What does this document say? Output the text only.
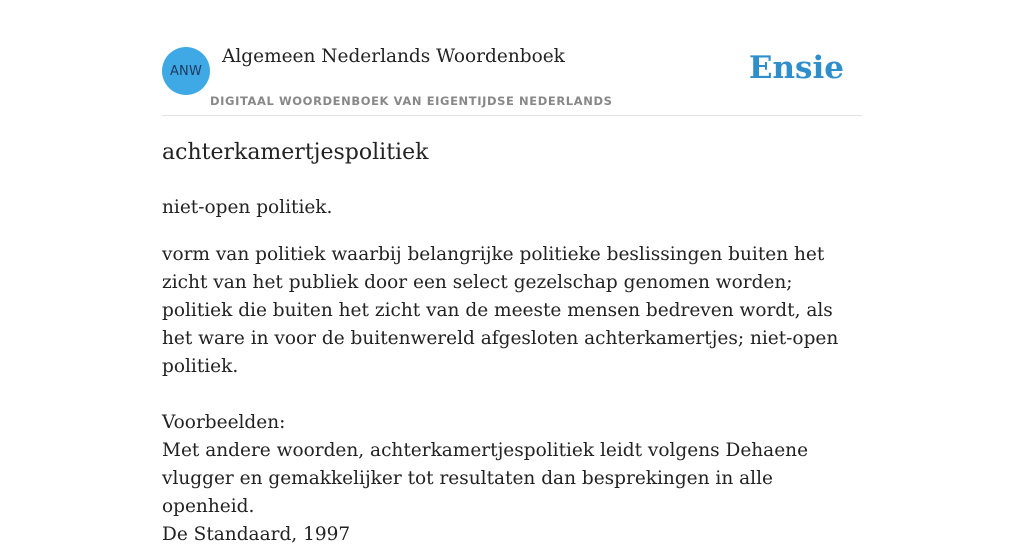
ANW
Algemeen Nederlands Woordenboek
DIGITAAL WOORDENBOEK VAN EIGENTIJDSE NEDERLANDS
Ensie
achterkamertjespolitiek

niet-open politiek.

vorm van politiek waarbij belangrijke politieke beslissingen buiten het zicht van het publiek door een select gezelschap genomen worden; politiek die buiten het zicht van de meeste mensen bedreven wordt, als het ware in voor de buitenwereld afgesloten achterkamertjes; niet-open politiek.

Voorbeelden:

Met andere woorden, achterkamertjespolitiek leidt volgens Dehaene vlugger en gemakkelijker tot resultaten dan besprekingen in alle openheid.

De Standaard, 1997
